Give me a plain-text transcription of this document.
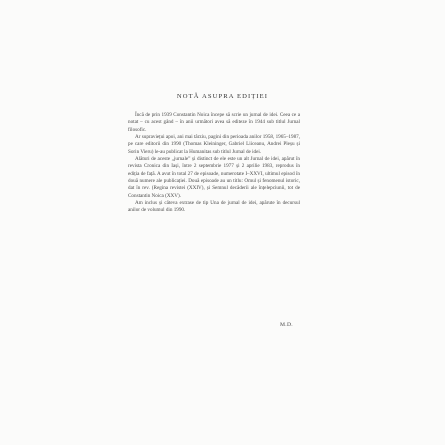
NOTĂ ASUPRA EDIȚIEI

Încă de prin 1939 Constantin Noica începe să scrie un jurnal de idei. Ceea ce a notat – cu acest gând – în anii următori avea să editeze în 1944 sub titlul Jurnal filosofic.

Ar supraviețui apoi, ani mai târziu, pagini din perioada anilor 1958, 1965–1987, pe care editorii din 1990 (Thomas Kleininger, Gabriel Liiceanu, Andrei Pleșu și Sorin Vieru) le-au publicat la Humanitas sub titlul Jurnal de idei.

Alături de aceste „jurnale” și distinct de ele este un alt Jurnal de idei, apărut în revista Cronica din Iași, între 2 septembrie 1977 și 2 aprilie 1983, reprodus în ediția de față. A avut în total 27 de episoade, numerotate I–XXVI, ultimul episod în două numere ale publicației. Două episoade au un titlu: Omul și fenomenul istoric, dat în rev. (Regina revistei (XXIV), și Semnul decăderii ale înțelepciunii, tot de Constantin Noica (XXV).

Am inclus și câteva extrase de tip Una de jurnal de idei, apărute în decursul anilor de volumul din 1990.

M.D.
